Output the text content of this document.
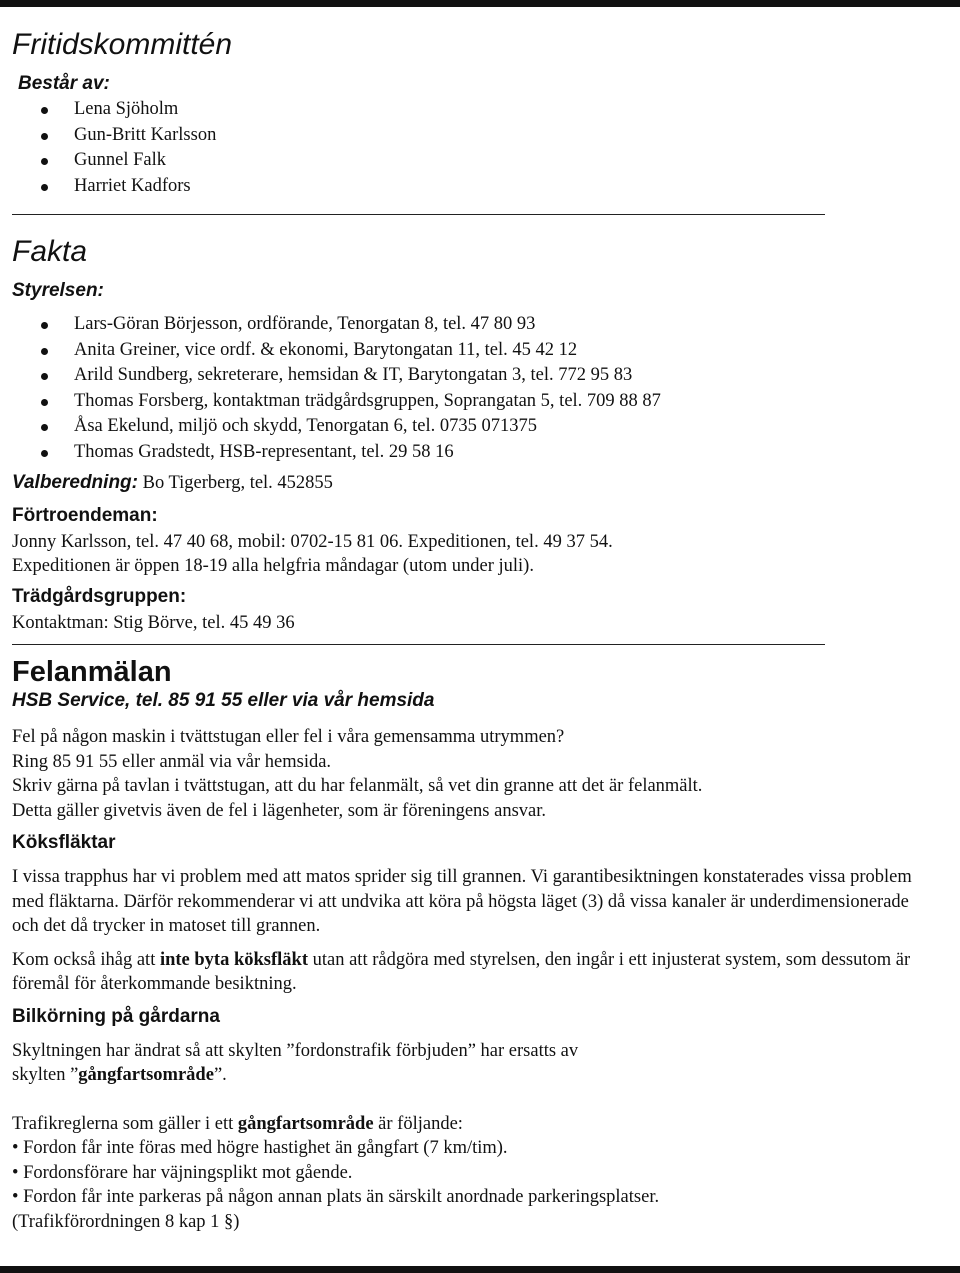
Fritidskommittén
Består av:
Lena Sjöholm
Gun-Britt Karlsson
Gunnel Falk
Harriet Kadfors
Fakta
Styrelsen:
Lars-Göran Börjesson, ordförande, Tenorgatan 8, tel. 47 80 93
Anita Greiner, vice ordf. & ekonomi, Barytongatan 11, tel. 45 42 12
Arild Sundberg, sekreterare, hemsidan & IT, Barytongatan 3, tel. 772 95 83
Thomas Forsberg, kontaktman trädgårdsgruppen, Soprangatan 5, tel. 709 88 87
Åsa Ekelund, miljö och skydd, Tenorgatan 6, tel. 0735 071375
Thomas Gradstedt, HSB-representant, tel. 29 58 16
Valberedning: Bo Tigerberg, tel. 452855
Förtroendeman:
Jonny Karlsson, tel. 47 40 68, mobil: 0702-15 81 06. Expeditionen, tel. 49 37 54.
Expeditionen är öppen 18-19 alla helgfria måndagar (utom under juli).
Trädgårdsgruppen:
Kontaktman: Stig Börve, tel. 45 49 36
Felanmälan
HSB Service, tel. 85 91 55 eller via vår hemsida
Fel på någon maskin i tvättstugan eller fel i våra gemensamma utrymmen?
Ring 85 91 55 eller anmäl via vår hemsida.
Skriv gärna på tavlan i tvättstugan, att du har felanmält, så vet din granne att det är felanmält.
Detta gäller givetvis även de fel i lägenheter, som är föreningens ansvar.
Köksfläktar
I vissa trapphus har vi problem med att matos sprider sig till grannen. Vi garantibesiktningen konstaterades vissa problem med fläktarna. Därför rekommenderar vi att undvika att köra på högsta läget (3) då vissa kanaler är underdimensionerade och det då trycker in matoset till grannen.
Kom också ihåg att inte byta köksfläkt utan att rådgöra med styrelsen, den ingår i ett injusterat system, som dessutom är föremål för återkommande besiktning.
Bilkörning på gårdarna
Skyltningen har ändrat så att skylten ”fordonstrafik förbjuden” har ersatts av
skylten ”gångfartsområde”.
Trafikreglerna som gäller i ett gångfartsområde är följande:
• Fordon får inte föras med högre hastighet än gångfart (7 km/tim).
• Fordonsförare har väjningsplikt mot gående.
• Fordon får inte parkeras på någon annan plats än särskilt anordnade parkeringsplatser.
(Trafikförordningen 8 kap 1 §)
